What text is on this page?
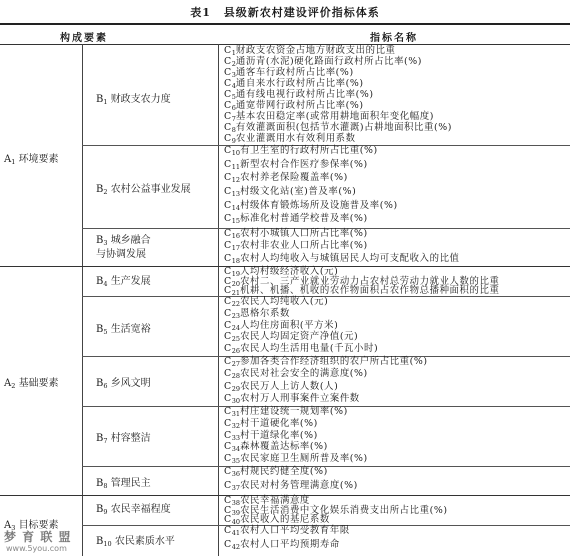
表1 县级新农村建设评价指标体系
构成要素	指标名称
$A_1$ 环境要素
$A_2$ 基础要素
$A_3$ 目标要素
$B_1$ 财政支农力度
$B_2$ 农村公益事业发展
$B_3$ 城乡融合
与协调发展
$B_4$ 生产发展
$B_5$ 生活宽裕
$B_6$ 乡风文明
$B_7$ 村容整洁
$B_8$ 管理民主
$B_9$ 农民幸福程度
$B_{10}$ 农民素质水平
$C_1$财政支农资金占地方财政支出的比重
$C_2$通沥青(水泥)硬化路面行政村所占比率(%)
$C_3$通客车行政村所占比率(%)
$C_4$通自来水行政村所占比率(%)
$C_5$通有线电视行政村所占比率(%)
$C_6$通宽带网行政村所占比率(%)
$C_7$基本农田稳定率(或常用耕地面积年变化幅度)
$C_8$有效灌溉面积(包括节水灌溉)占耕地面积比重(%)
$C_9$农业灌溉用水有效利用系数
$C_{10}$有卫生室的行政村所占比重(%)
$C_{11}$新型农村合作医疗参保率(%)
$C_{12}$农村养老保险覆盖率(%)
$C_{13}$村级文化站(室)普及率(%)
$C_{14}$村级体育锻炼场所及设施普及率(%)
$C_{15}$标准化村普通学校普及率(%)
$C_{16}$农村小城镇人口所占比率(%)
$C_{17}$农村非农业人口所占比率(%)
$C_{18}$农村人均纯收入与城镇居民人均可支配收入的比值
$C_{19}$人均村级经济收入(元)
$C_{20}$农村二、三产业就业劳动力占农村总劳动力就业人数的比重
$C_{21}$机耕、机播、机收的农作物面积占农作物总播种面积的比重
$C_{22}$农民人均纯收入(元)
$C_{23}$恩格尔系数
$C_{24}$人均住房面积(平方米)
$C_{25}$农民人均固定资产净值(元)
$C_{26}$农民人均生活用电量(千瓦小时)
$C_{27}$参加各类合作经济组织的农户所占比重(%)
$C_{28}$农民对社会安全的满意度(%)
$C_{29}$农民万人上访人数(人)
$C_{30}$农村万人刑事案件立案件数
$C_{31}$村庄建设统一规划率(%)
$C_{32}$村干道硬化率(%)
$C_{33}$村干道绿化率(%)
$C_{34}$森林覆盖达标率(%)
$C_{35}$农民家庭卫生厕所普及率(%)
$C_{36}$村规民约健全度(%)
$C_{37}$农民对村务管理满意度(%)
$C_{38}$农民幸福满意度
$C_{39}$农民生活消费中文化娱乐消费支出所占比重(%)
$C_{40}$农民收入的基尼系数
$C_{41}$农村人口平均受教育年限
$C_{42}$农村人口平均预期寿命
梦 育 联 盟
www.5you.com
